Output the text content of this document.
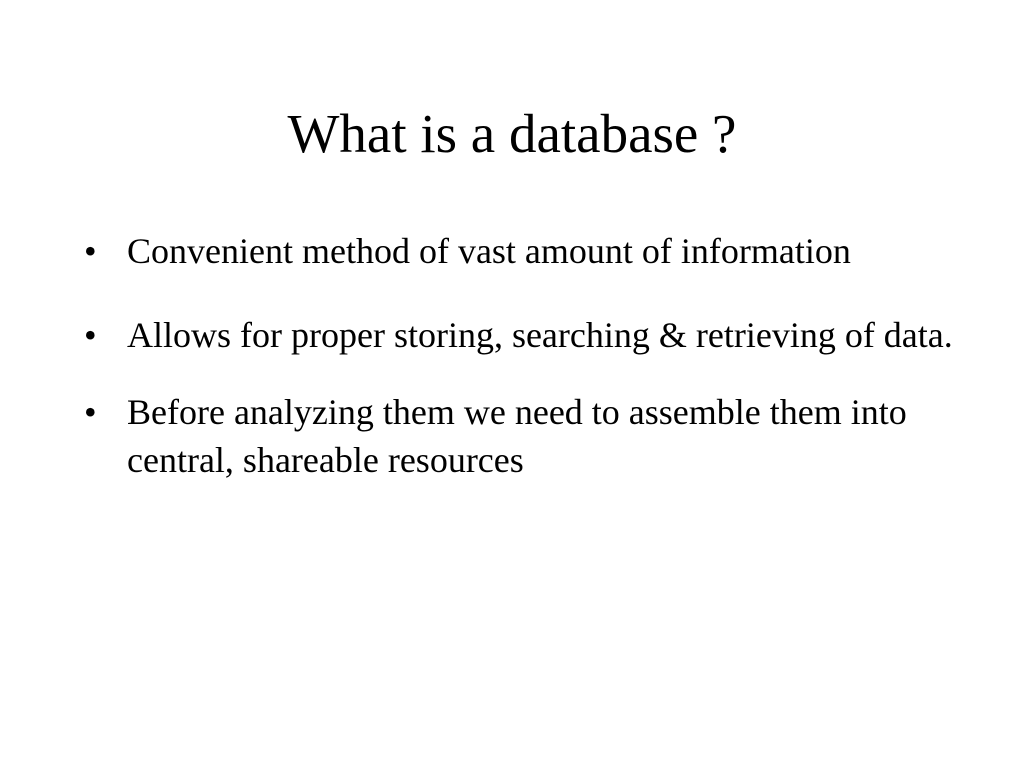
What is a database ?
• Convenient method of vast amount of information
• Allows for proper storing, searching & retrieving of data.
• Before analyzing them we need to assemble them into central, shareable resources
